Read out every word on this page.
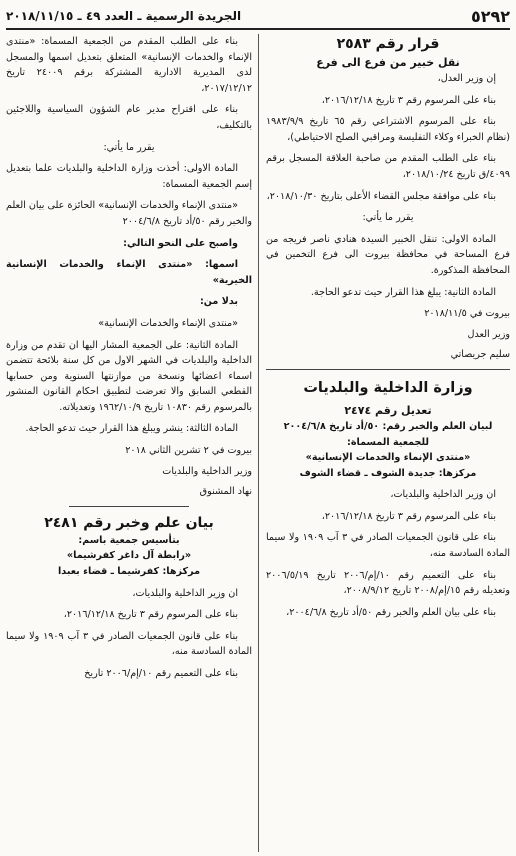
٥٢٩٢
الجريدة الرسمية ـ العدد ٤٩ ـ ٢٠١٨/١١/١٥
قرار رقم ٢٥٨٣
نقل خبير من فرع الى فرع
إن وزير العدل،
بناء على المرسوم رقم ٣ تاريخ ٢٠١٦/١٢/١٨،
بناء على المرسوم الاشتراعي رقم ٦٥ تاريخ ١٩٨٣/٩/٩ (نظام الخبراء وكلاء التفليسة ومراقبي الصلح الاحتياطي)،
بناء على الطلب المقدم من صاحبة العلاقة المسجل برقم ٤٠٩٩/ق تاريخ ٢٠١٨/١٠/٢٤،
بناء على موافقة مجلس القضاء الأعلى بتاريخ ٢٠١٨/١٠/٣٠،
يقرر ما يأتي:
المادة الاولى: تنقل الخبير السيدة هنادي ناصر فريجه من فرع المساحة في محافظة بيروت الى فرع التخمين في المحافظة المذكورة.
المادة الثانية: يبلغ هذا القرار حيث تدعو الحاجة.
بيروت في ٢٠١٨/١١/٥
وزير العدل
سليم جريصاتي
وزارة الداخلية والبلديات
تعديل رقم ٢٤٧٤
لبيان العلم والخبر رقم: ٥٠/أد تاريخ ٢٠٠٤/٦/٨
للجمعية المسماة:
«منتدى الإنماء والخدمات الإنسانية»
مركزها: جديدة الشوف ـ قضاء الشوف
ان وزير الداخلية والبلديات،
بناء على المرسوم رقم ٣ تاريخ ٢٠١٦/١٢/١٨،
بناء على قانون الجمعيات الصادر في ٣ آب ١٩٠٩ ولا سيما المادة السادسة منه،
بناء على التعميم رقم ١٠/إم/٢٠٠٦ تاريخ ٢٠٠٦/٥/١٩ وتعديله رقم ١٥/إم/٢٠٠٨ تاريخ ٢٠٠٨/٩/١٢،
بناء على بيان العلم والخبر رقم ٥٠/أد تاريخ ٢٠٠٤/٦/٨،
بناء على الطلب المقدم من الجمعية المسماة: «منتدى الإنماء والخدمات الإنسانية» المتعلق بتعديل اسمها والمسجل لدى المديرية الادارية المشتركة برقم ٢٤٠٠٩ تاريخ ٢٠١٧/١٢/١٢،
بناء على اقتراح مدير عام الشؤون السياسية واللاجئين بالتكليف،
يقرر ما يأتي:
المادة الاولى: أخذت وزارة الداخلية والبلديات علما بتعديل إسم الجمعية المسماة:
«منتدى الإنماء والخدمات الإنسانية» الحائزة على بيان العلم والخبر رقم ٥٠/أد تاريخ ٢٠٠٤/٦/٨
واصبح على النحو التالي:
اسمها: «منتدى الإنماء والخدمات الإنسانية الخيرية»
بدلا من:
«منتدى الإنماء والخدمات الإنسانية»
المادة الثانية: على الجمعية المشار اليها ان تقدم من وزارة الداخلية والبلديات في الشهر الاول من كل سنة بلائحة تتضمن اسماء اعضائها ونسخة من موازنتها السنوية ومن حسابها القطعي السابق والا تعرضت لتطبيق احكام القانون المنشور بالمرسوم رقم ١٠٨٣٠ تاريخ ١٩٦٢/١٠/٩ وتعديلاته.
المادة الثالثة: ينشر ويبلغ هذا القرار حيث تدعو الحاجة.
بيروت في ٢ تشرين الثاني ٢٠١٨
وزير الداخلية والبلديات
نهاد المشنوق
بيان علم وخبر رقم ٢٤٨١
بتأسيس جمعية باسم:
«رابطة آل داغر كفرشيما»
مركزها: كفرشيما ـ قضاء بعبدا
ان وزير الداخلية والبلديات،
بناء على المرسوم رقم ٣ تاريخ ٢٠١٦/١٢/١٨،
بناء على قانون الجمعيات الصادر في ٣ آب ١٩٠٩ ولا سيما المادة السادسة منه،
بناء على التعميم رقم ١٠/إم/٢٠٠٦ تاريخ
